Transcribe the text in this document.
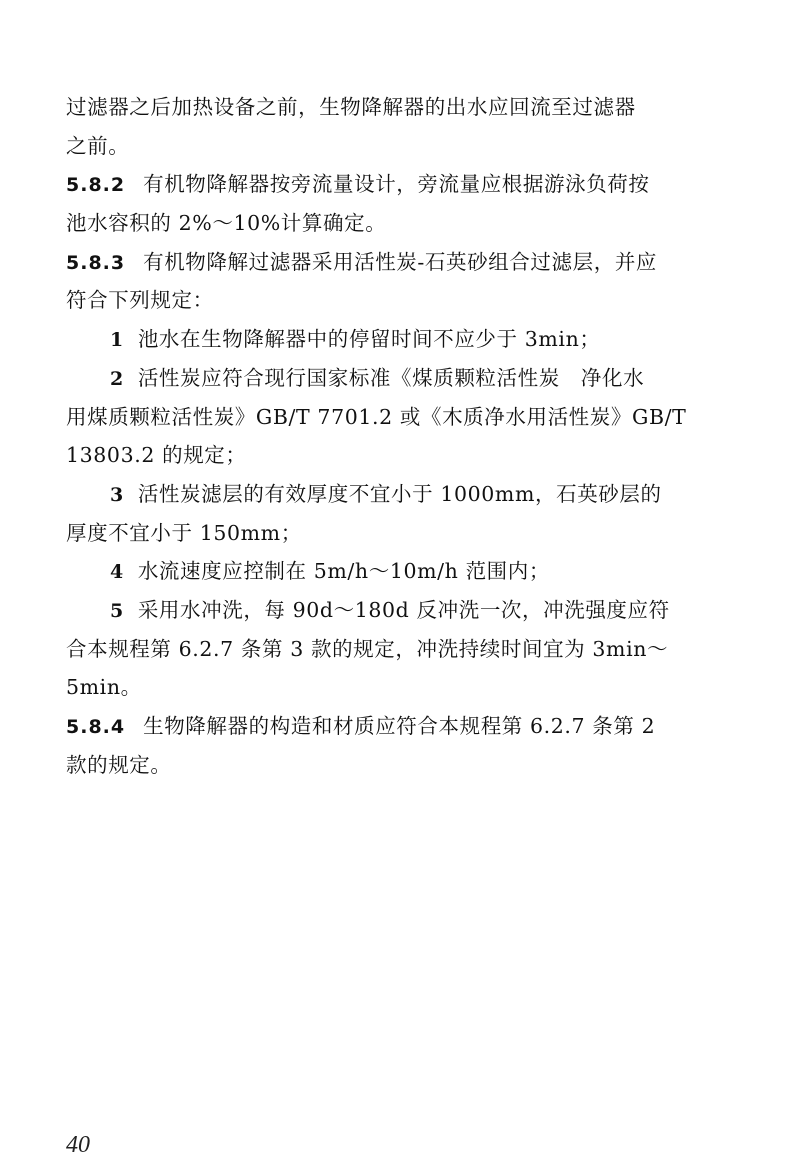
过滤器之后加热设备之前，生物降解器的出水应回流至过滤器
之前。
5.8.2 有机物降解器按旁流量设计，旁流量应根据游泳负荷按
池水容积的 2%～10%计算确定。
5.8.3 有机物降解过滤器采用活性炭-石英砂组合过滤层，并应
符合下列规定：
1 池水在生物降解器中的停留时间不应少于 3min；
2 活性炭应符合现行国家标准《煤质颗粒活性炭　净化水
用煤质颗粒活性炭》GB/T 7701.2 或《木质净水用活性炭》GB/T
13803.2 的规定；
3 活性炭滤层的有效厚度不宜小于 1000mm，石英砂层的
厚度不宜小于 150mm；
4 水流速度应控制在 5m/h～10m/h 范围内；
5 采用水冲洗，每 90d～180d 反冲洗一次，冲洗强度应符
合本规程第 6.2.7 条第 3 款的规定，冲洗持续时间宜为 3min～
5min。
5.8.4 生物降解器的构造和材质应符合本规程第 6.2.7 条第 2
款的规定。
40
